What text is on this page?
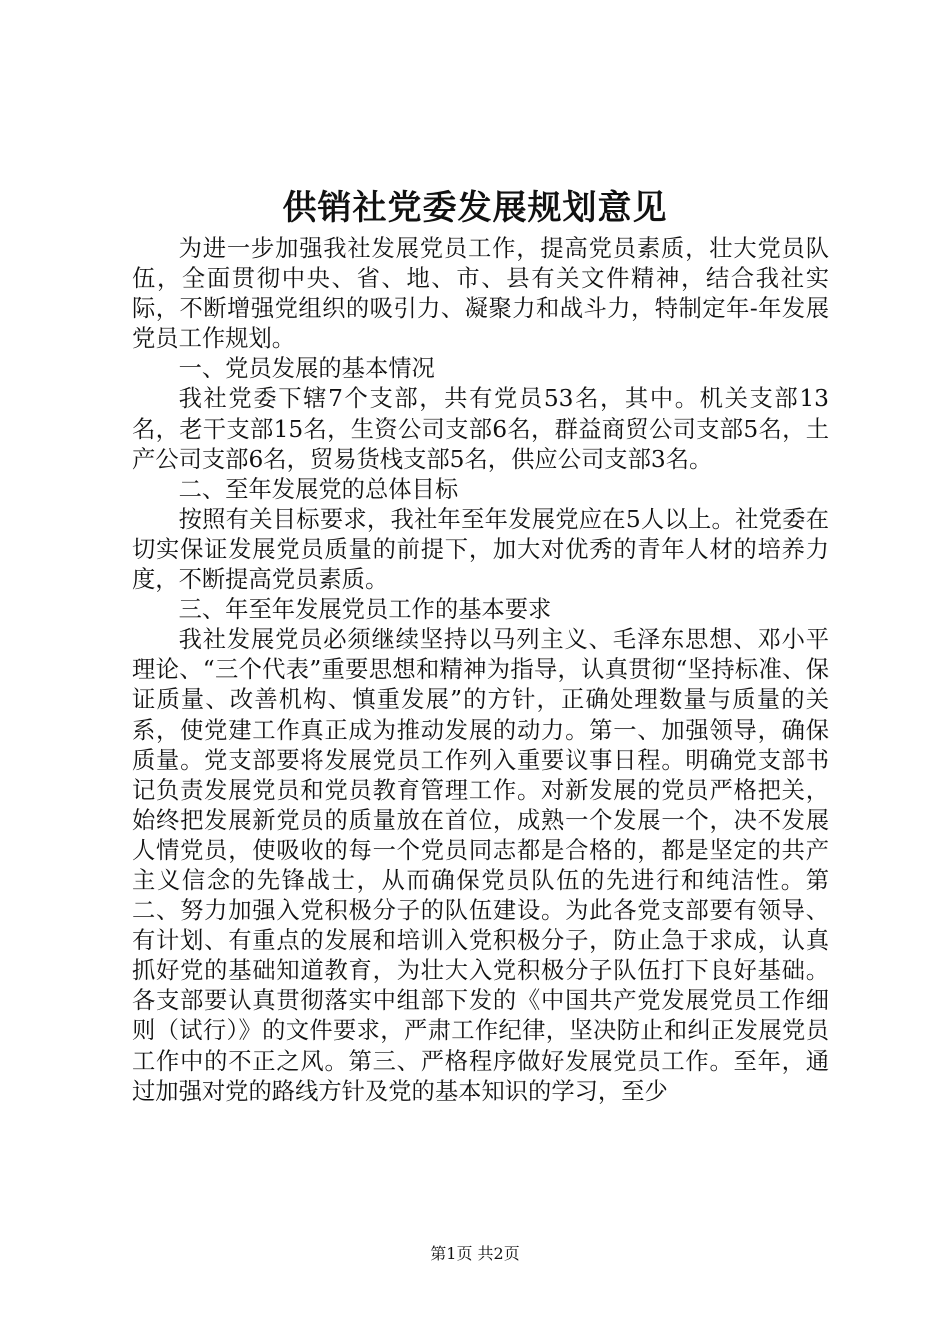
供销社党委发展规划意见

为进一步加强我社发展党员工作，提高党员素质，壮大党员队伍，全面贯彻中央、省、地、市、县有关文件精神，结合我社实际，不断增强党组织的吸引力、凝聚力和战斗力，特制定年-年发展党员工作规划。

一、党员发展的基本情况

我社党委下辖7个支部，共有党员53名，其中。机关支部13名，老干支部15名，生资公司支部6名，群益商贸公司支部5名，土产公司支部6名，贸易货栈支部5名，供应公司支部3名。

二、至年发展党的总体目标

按照有关目标要求，我社年至年发展党应在5人以上。社党委在切实保证发展党员质量的前提下，加大对优秀的青年人材的培养力度，不断提高党员素质。

三、年至年发展党员工作的基本要求

我社发展党员必须继续坚持以马列主义、毛泽东思想、邓小平理论、“三个代表”重要思想和精神为指导，认真贯彻“坚持标准、保证质量、改善机构、慎重发展”的方针，正确处理数量与质量的关系，使党建工作真正成为推动发展的动力。第一、加强领导，确保质量。党支部要将发展党员工作列入重要议事日程。明确党支部书记负责发展党员和党员教育管理工作。对新发展的党员严格把关，始终把发展新党员的质量放在首位，成熟一个发展一个，决不发展人情党员，使吸收的每一个党员同志都是合格的，都是坚定的共产主义信念的先锋战士，从而确保党员队伍的先进行和纯洁性。第二、努力加强入党积极分子的队伍建设。为此各党支部要有领导、有计划、有重点的发展和培训入党积极分子，防止急于求成，认真抓好党的基础知道教育，为壮大入党积极分子队伍打下良好基础。各支部要认真贯彻落实中组部下发的《中国共产党发展党员工作细则（试行）》的文件要求，严肃工作纪律，坚决防止和纠正发展党员工作中的不正之风。第三、严格程序做好发展党员工作。至年，通过加强对党的路线方针及党的基本知识的学习，至少

第1页 共2页
